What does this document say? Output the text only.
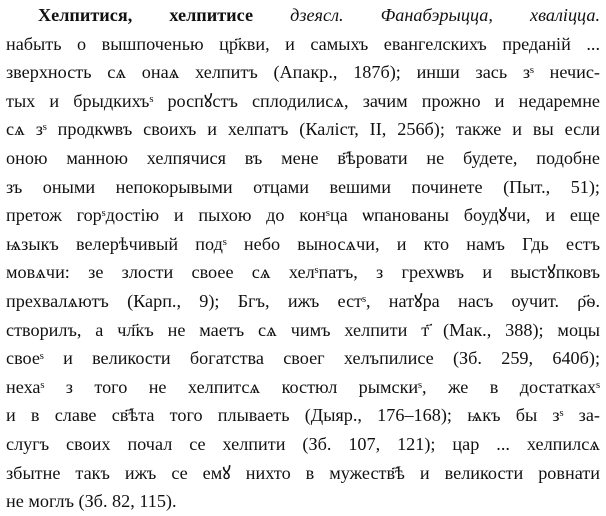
Хелпитися, хелпитисе дзеясл. Фанабэрыцца, хваліцца.
набыть о вышпоченью цр҃кви, и самыхъ евангелскихъ преданій ...
зверхность сѧ онаѧ хелпитъ (Апакр., 187б); инши зась зˢ нечис-
тых и брыдкихъˢ роспꙋстъ сплодилисѧ, зачим прожно и недаремне
сѧ зˢ продкѡвъ своихъ и хелпатъ (Каліст, II, 256б); также и вы если
оною манною хелпячися въ мене в҃ѣровати не будете, подобне
зъ оными непокорывыми отцами вешими починете (Пыт., 51);
претож горˢдостію и пыхою до конˢца ѡпанованы боудꙋчи, и еще
ѩзыкъ велерѣчивый подˢ небо выносѧчи, и кто намъ Гдь естъ
мовѧчи: зе злости своее сѧ хелˢпатъ, з грехѡвъ и выстꙋпковъ
прехвалѧютъ (Карп., 9); Бгъ, ижъ естˢ, натꙋра насъ оучит. ρ҃ѳ.
створилъ, а чл҃къ не маетъ сѧ чимъ хелпити т҃ (Мак., 388); моцы
своеˢ и великости богатства своег хелъпилисе (Зб. 259, 640б);
нехаˢ з того не хелпитсѧ костюл рымскиˢ, же в достаткахˢ
и в славе св҃ѣта того плываеть (Дыяр., 176–168); ѩкъ бы зˢ за-
слугъ своих почал се хелпити (Зб. 107, 121); цар ... хелпилсѧ
збытне такъ ижъ се емꙋ нихто в мужеств҃ѣ и великости ровнати
не моглъ (Зб. 82, 115).
